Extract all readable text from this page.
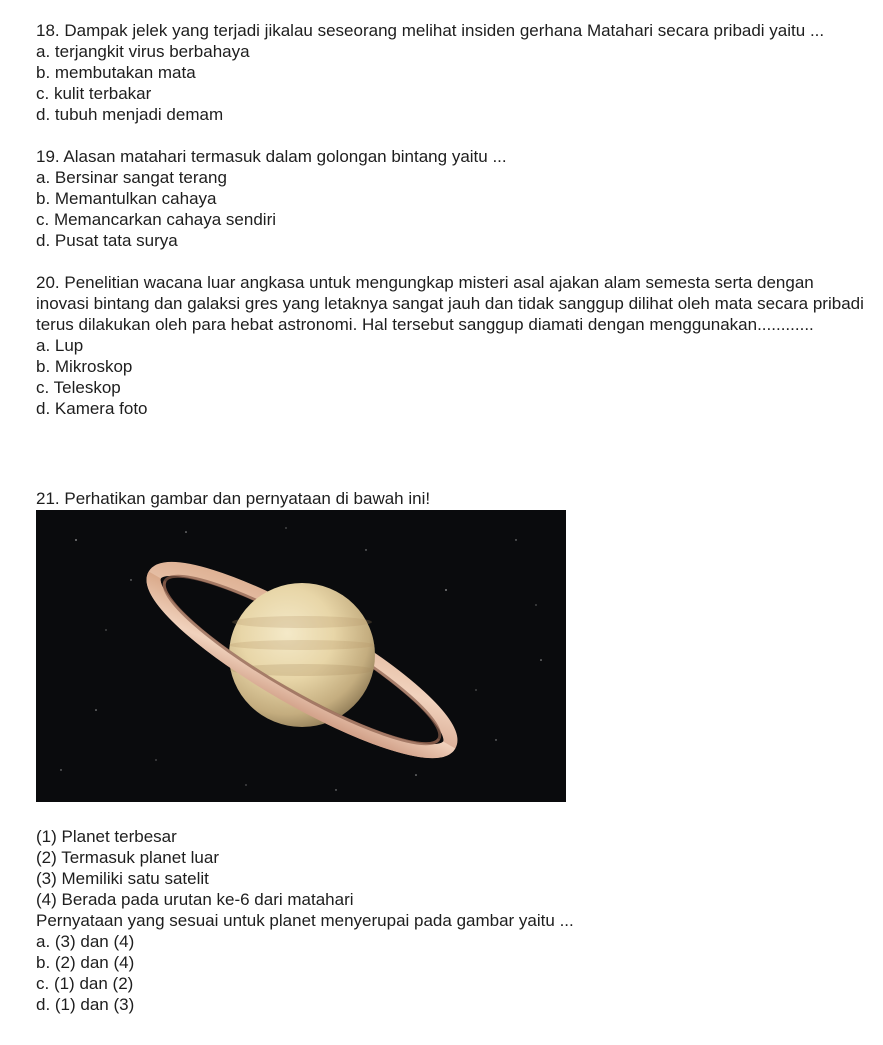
18. Dampak jelek yang terjadi jikalau seseorang melihat insiden gerhana Matahari secara pribadi yaitu ...

a. terjangkit virus berbahaya
b. membutakan mata
c. kulit terbakar
d. tubuh menjadi demam

19. Alasan matahari termasuk dalam golongan bintang yaitu ...

a. Bersinar sangat terang
b. Memantulkan cahaya
c. Memancarkan cahaya sendiri
d. Pusat tata surya

20. Penelitian wacana luar angkasa untuk mengungkap misteri asal ajakan alam semesta serta dengan inovasi bintang dan galaksi gres yang letaknya sangat jauh dan tidak sanggup dilihat oleh mata secara pribadi terus dilakukan oleh para hebat astronomi. Hal tersebut sanggup diamati dengan menggunakan............

a. Lup
b. Mikroskop
c. Teleskop
d. Kamera foto

21. Perhatikan gambar dan pernyataan di bawah ini!

(1) Planet terbesar
(2) Termasuk planet luar
(3) Memiliki satu satelit
(4) Berada pada urutan ke-6 dari matahari

Pernyataan yang sesuai untuk planet menyerupai pada gambar yaitu ...

a. (3) dan (4)
b. (2) dan (4)
c. (1) dan (2)
d. (1) dan (3)
